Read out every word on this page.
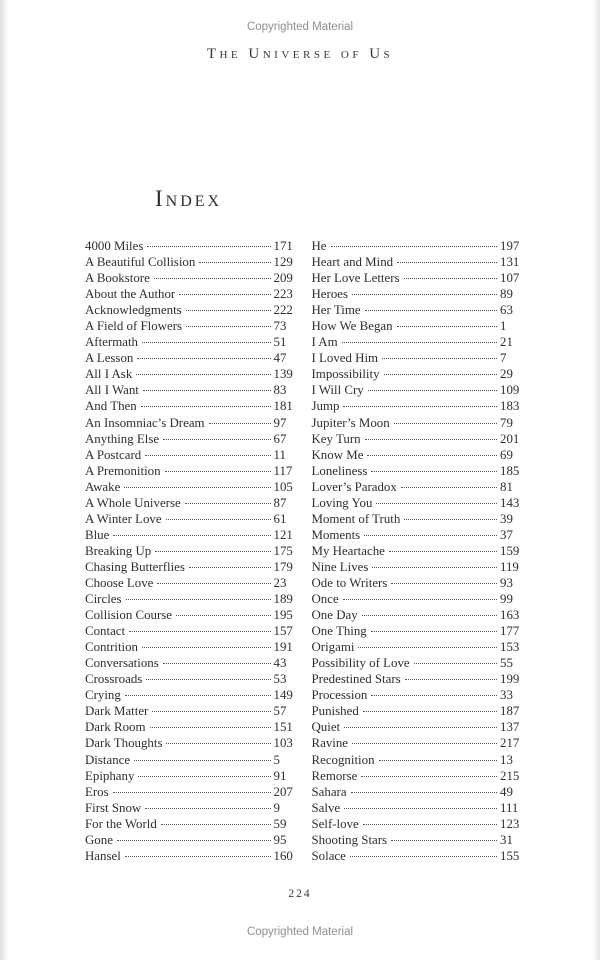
Copyrighted Material
The Universe of Us
Index
4000 Miles	171
A Beautiful Collision	129
A Bookstore	209
About the Author	223
Acknowledgments	222
A Field of Flowers	73
Aftermath	51
A Lesson	47
All I Ask	139
All I Want	83
And Then	181
An Insomniac’s Dream	97
Anything Else	67
A Postcard	11
A Premonition	117
Awake	105
A Whole Universe	87
A Winter Love	61
Blue	121
Breaking Up	175
Chasing Butterflies	179
Choose Love	23
Circles	189
Collision Course	195
Contact	157
Contrition	191
Conversations	43
Crossroads	53
Crying	149
Dark Matter	57
Dark Room	151
Dark Thoughts	103
Distance	5
Epiphany	91
Eros	207
First Snow	9
For the World	59
Gone	95
Hansel	160
He	197
Heart and Mind	131
Her Love Letters	107
Heroes	89
Her Time	63
How We Began	1
I Am	21
I Loved Him	7
Impossibility	29
I Will Cry	109
Jump	183
Jupiter’s Moon	79
Key Turn	201
Know Me	69
Loneliness	185
Lover’s Paradox	81
Loving You	143
Moment of Truth	39
Moments	37
My Heartache	159
Nine Lives	119
Ode to Writers	93
Once	99
One Day	163
One Thing	177
Origami	153
Possibility of Love	55
Predestined Stars	199
Procession	33
Punished	187
Quiet	137
Ravine	217
Recognition	13
Remorse	215
Sahara	49
Salve	111
Self-love	123
Shooting Stars	31
Solace	155
224
Copyrighted Material
